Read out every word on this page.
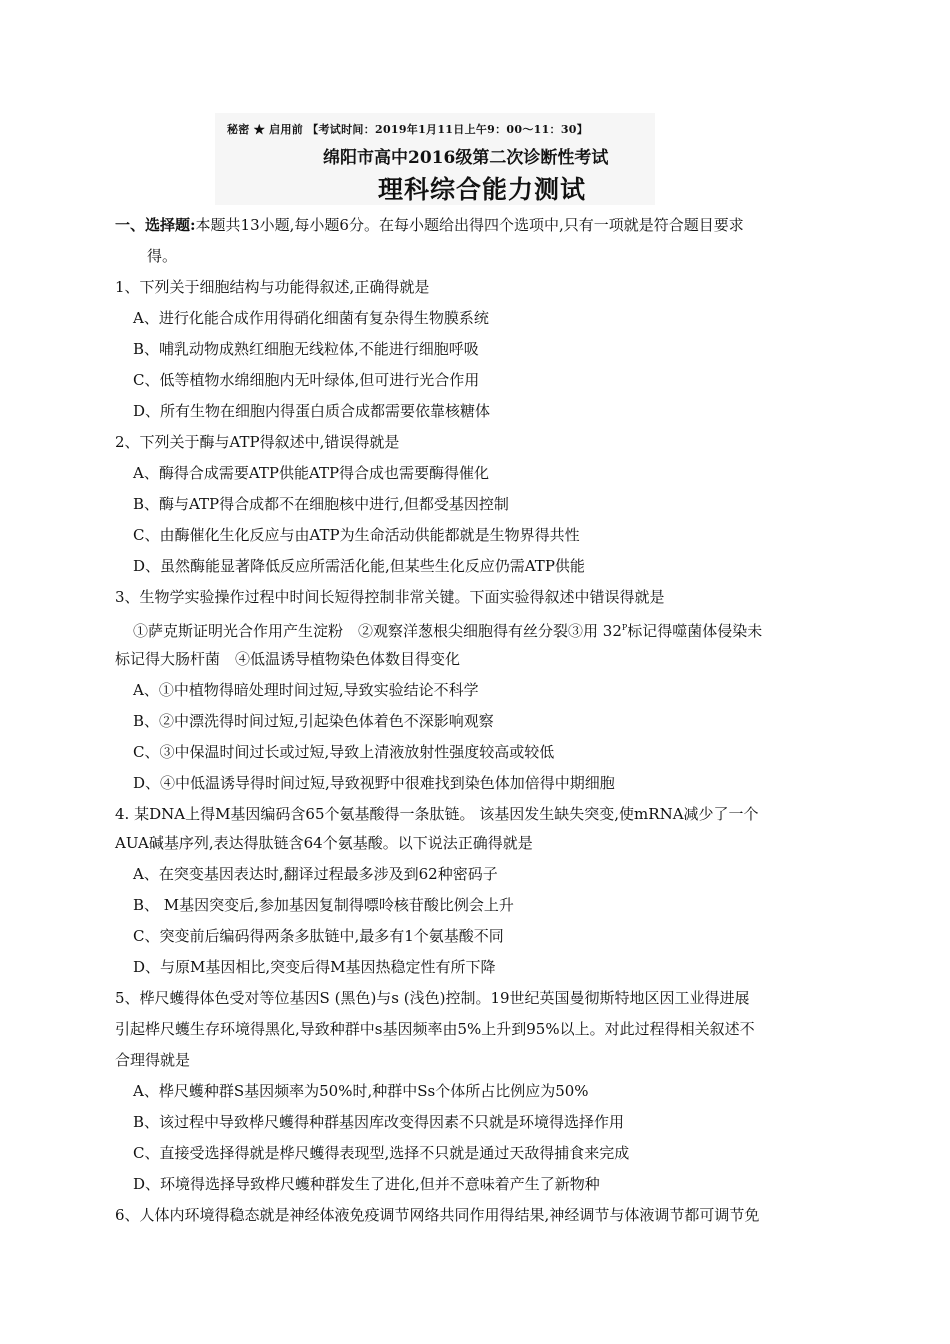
秘密 ★ 启用前 【考试时间：2019年1月11日上午9：00～11：30】
绵阳市高中2016级第二次诊断性考试
理科综合能力测试
一、选择题:本题共13小题,每小题6分。在每小题给出得四个选项中,只有一项就是符合题目要求
得。
1、下列关于细胞结构与功能得叙述,正确得就是
A、进行化能合成作用得硝化细菌有复杂得生物膜系统
B、哺乳动物成熟红细胞无线粒体,不能进行细胞呼吸
C、低等植物水绵细胞内无叶绿体,但可进行光合作用
D、所有生物在细胞内得蛋白质合成都需要依靠核糖体
2、下列关于酶与ATP得叙述中,错误得就是
A、酶得合成需要ATP供能ATP得合成也需要酶得催化
B、酶与ATP得合成都不在细胞核中进行,但都受基因控制
C、由酶催化生化反应与由ATP为生命活动供能都就是生物界得共性
D、虽然酶能显著降低反应所需活化能,但某些生化反应仍需ATP供能
3、生物学实验操作过程中时间长短得控制非常关键。下面实验得叙述中错误得就是
①萨克斯证明光合作用产生淀粉　②观察洋葱根尖细胞得有丝分裂③用 $32^P$标记得噬菌体侵染未
标记得大肠杆菌　④低温诱导植物染色体数目得变化
A、①中植物得暗处理时间过短,导致实验结论不科学
B、②中漂洗得时间过短,引起染色体着色不深影响观察
C、③中保温时间过长或过短,导致上清液放射性强度较高或较低
D、④中低温诱导得时间过短,导致视野中很难找到染色体加倍得中期细胞
4. 某DNA上得M基因编码含65个氨基酸得一条肽链。 该基因发生缺失突变,使mRNA减少了一个
AUA碱基序列,表达得肽链含64个氨基酸。以下说法正确得就是
A、在突变基因表达时,翻译过程最多涉及到62种密码子
B、 M基因突变后,参加基因复制得嘌呤核苷酸比例会上升
C、突变前后编码得两条多肽链中,最多有1个氨基酸不同
D、与原M基因相比,突变后得M基因热稳定性有所下降
5、桦尺蠖得体色受对等位基因S (黑色)与s (浅色)控制。19世纪英国曼彻斯特地区因工业得进展
引起桦尺蠖生存环境得黑化,导致种群中s基因频率由5%上升到95%以上。对此过程得相关叙述不
合理得就是
A、桦尺蠖种群S基因频率为50%时,种群中Ss个体所占比例应为50%
B、该过程中导致桦尺蠖得种群基因库改变得因素不只就是环境得选择作用
C、直接受选择得就是桦尺蠖得表现型,选择不只就是通过天敌得捕食来完成
D、环境得选择导致桦尺蠖种群发生了进化,但并不意味着产生了新物种
6、人体内环境得稳态就是神经体液免疫调节网络共同作用得结果,神经调节与体液调节都可调节免
